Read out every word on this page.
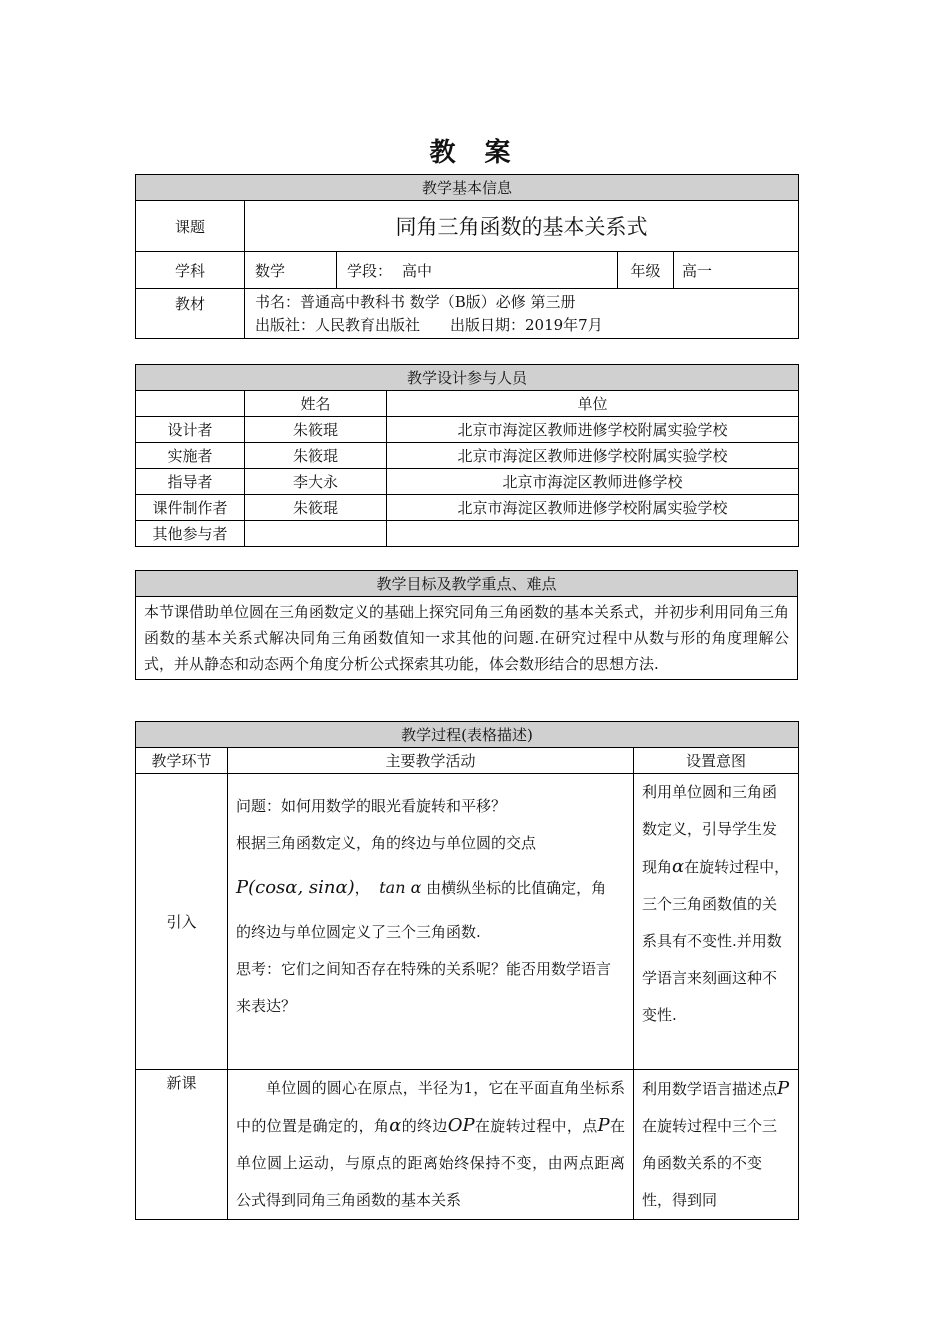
教 案
教学基本信息				
课题	同角三角函数的基本关系式			
学科	数学	学段： 高中	年级	高一
教材	书名：普通高中教科书 数学（B版）必修 第三册
出版社：人民教育出版社　　出版日期：2019年7月			
教学设计参与人员		
	姓名	单位
设计者	朱筱琨	北京市海淀区教师进修学校附属实验学校
实施者	朱筱琨	北京市海淀区教师进修学校附属实验学校
指导者	李大永	北京市海淀区教师进修学校
课件制作者	朱筱琨	北京市海淀区教师进修学校附属实验学校
其他参与者		
教学目标及教学重点、难点
本节课借助单位圆在三角函数定义的基础上探究同角三角函数的基本关系式，并初步利用同角三角函数的基本关系式解决同角三角函数值知一求其他的问题.在研究过程中从数与形的角度理解公式，并从静态和动态两个角度分析公式探索其功能，体会数形结合的思想方法.
教学过程(表格描述)		
教学环节	主要教学活动	设置意图
引入	问题：如何用数学的眼光看旋转和平移？

根据三角函数定义，角的终边与单位圆的交点

P(cosα, sinα)， tan α 由横纵坐标的比值确定，角

的终边与单位圆定义了三个三角函数.

思考：它们之间知否存在特殊的关系呢？能否用数学语言来表达？	利用单位圆和三角函数定义，引导学生发现角α在旋转过程中，三个三角函数值的关系具有不变性.并用数学语言来刻画这种不变性.
新课	单位圆的圆心在原点，半径为1，它在平面直角坐标系中的位置是确定的，角α的终边OP在旋转过程中，点P在单位圆上运动，与原点的距离始终保持不变，由两点距离公式得到同角三角函数的基本关系	利用数学语言描述点P在旋转过程中三个三角函数关系的不变性，得到同
